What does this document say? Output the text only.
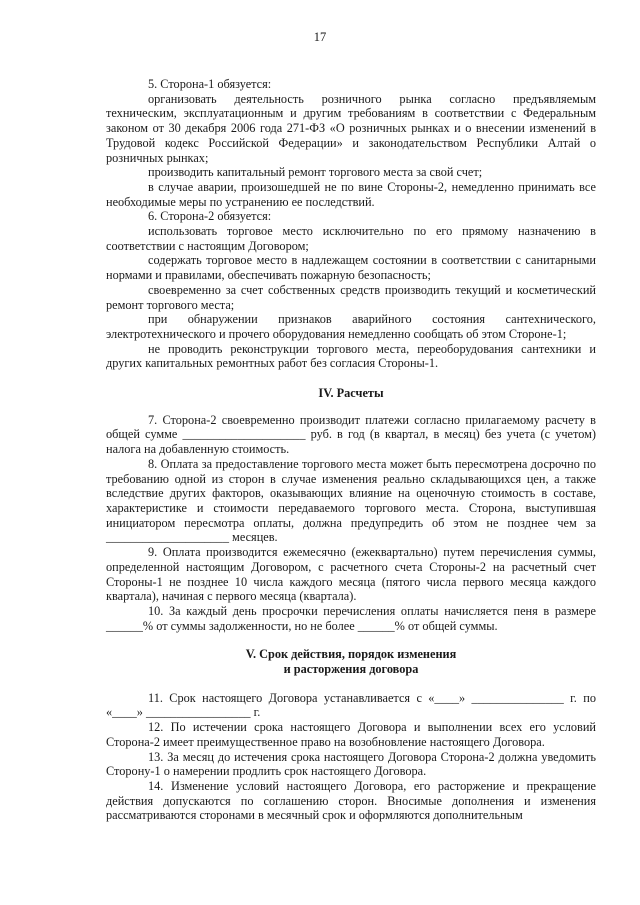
17

5. Сторона-1 обязуется:

организовать деятельность розничного рынка согласно предъявляемым техническим, эксплуатационным и другим требованиям в соответствии с Федеральным законом от 30 декабря 2006 года 271-ФЗ «О розничных рынках и о внесении изменений в Трудовой кодекс Российской Федерации» и законодательством Республики Алтай о розничных рынках;

производить капитальный ремонт торгового места за свой счет;

в случае аварии, произошедшей не по вине Стороны-2, немедленно принимать все необходимые меры по устранению ее последствий.

6. Сторона-2 обязуется:

использовать торговое место исключительно по его прямому назначению в соответствии с настоящим Договором;

содержать торговое место в надлежащем состоянии в соответствии с санитарными нормами и правилами, обеспечивать пожарную безопасность;

своевременно за счет собственных средств производить текущий и косметический ремонт торгового места;

при обнаружении признаков аварийного состояния сантехнического, электротехнического и прочего оборудования немедленно сообщать об этом Стороне-1;

не проводить реконструкции торгового места, переоборудования сантехники и других капитальных ремонтных работ без согласия Стороны-1.

IV. Расчеты

7. Сторона-2 своевременно производит платежи согласно прилагаемому расчету в общей сумме ____________________ руб. в год (в квартал, в месяц) без учета (с учетом) налога на добавленную стоимость.

8. Оплата за предоставление торгового места может быть пересмотрена досрочно по требованию одной из сторон в случае изменения реально складывающихся цен, а также вследствие других факторов, оказывающих влияние на оценочную стоимость в составе, характеристике и стоимости передаваемого торгового места. Сторона, выступившая инициатором пересмотра оплаты, должна предупредить об этом не позднее чем за ____________________ месяцев.

9. Оплата производится ежемесячно (ежеквартально) путем перечисления суммы, определенной настоящим Договором, с расчетного счета Стороны-2 на расчетный счет Стороны-1 не позднее 10 числа каждого месяца (пятого числа первого месяца каждого квартала), начиная с первого месяца (квартала).

10. За каждый день просрочки перечисления оплаты начисляется пеня в размере ______% от суммы задолженности, но не более ______% от общей суммы.

V. Срок действия, порядок изменения

и расторжения договора

11. Срок настоящего Договора устанавливается с «____» _______________ г. по «____» _________________ г.

12. По истечении срока настоящего Договора и выполнении всех его условий Сторона-2 имеет преимущественное право на возобновление настоящего Договора.

13. За месяц до истечения срока настоящего Договора Сторона-2 должна уведомить Сторону-1 о намерении продлить срок настоящего Договора.

14. Изменение условий настоящего Договора, его расторжение и прекращение действия допускаются по соглашению сторон. Вносимые дополнения и изменения рассматриваются сторонами в месячный срок и оформляются дополнительным
